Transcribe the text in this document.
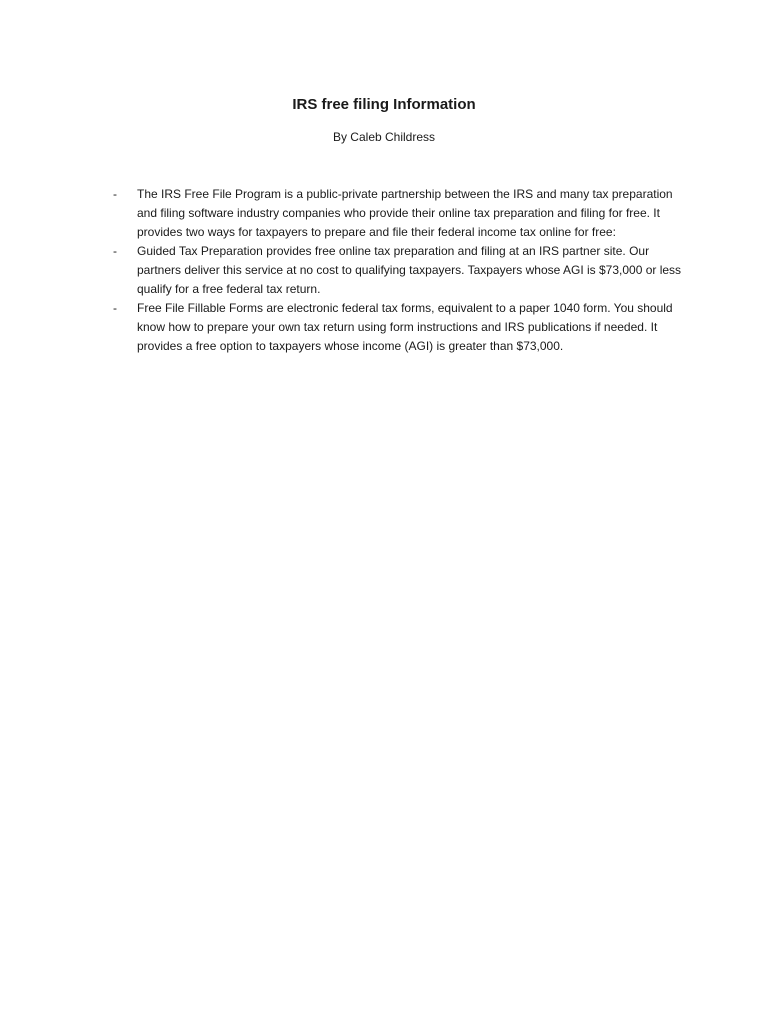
IRS free filing Information

By Caleb Childress

- The IRS Free File Program is a public-private partnership between the IRS and many tax preparation and filing software industry companies who provide their online tax preparation and filing for free. It provides two ways for taxpayers to prepare and file their federal income tax online for free:
- Guided Tax Preparation provides free online tax preparation and filing at an IRS partner site. Our partners deliver this service at no cost to qualifying taxpayers. Taxpayers whose AGI is $73,000 or less qualify for a free federal tax return.
- Free File Fillable Forms are electronic federal tax forms, equivalent to a paper 1040 form. You should know how to prepare your own tax return using form instructions and IRS publications if needed. It provides a free option to taxpayers whose income (AGI) is greater than $73,000.
